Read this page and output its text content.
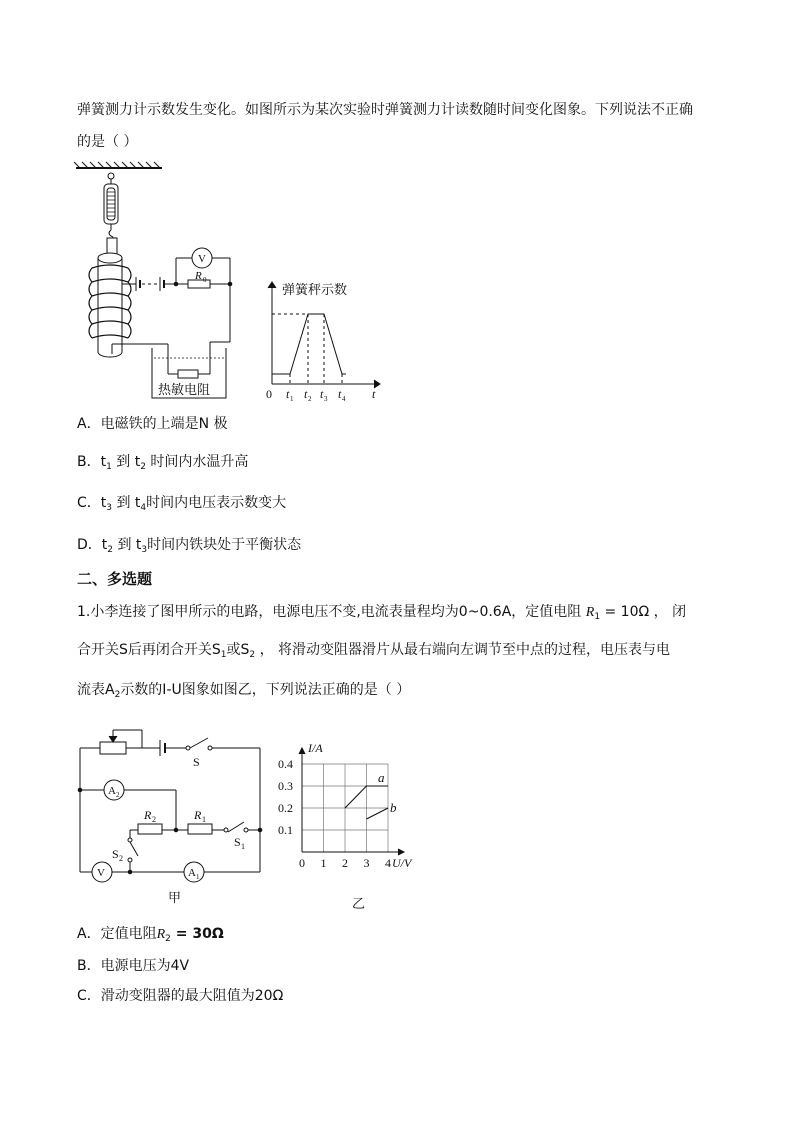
弹簧测力计示数发生变化。如图所示为某次实验时弹簧测力计读数随时间变化图象。下列说法不正确
的是（ ）
R 0
V
热敏电阻
弹簧秤示数
0	t
t 1 t 2 t 3 t 4
A．电磁铁的上端是N 极
B．$t_1$ 到 $t_2$ 时间内水温升高
C．$t_3$ 到 $t_4$时间内电压表示数变大
D．$t_2$ 到 $t_3$时间内铁块处于平衡状态
二、多选题
1.小李连接了图甲所示的电路，电源电压不变,电流表量程均为0~0.6A，定值电阻 $R_1 = 10\Omega$ ， 闭
合开关S后再闭合开关$S_1$或$S_2$ ， 将滑动变阻器滑片从最右端向左调节至中点的过程，电压表与电
流表$A_2$示数的I-U图象如图乙，下列说法正确的是（ ）
S
A 2
R 2	R 1
S 1
S 2
V	A 1
甲
a
b
0 1 2 3 4
0.1
0.2
0.3
0.4
I/A
U/V
乙
A．定值电阻$R_2 = 30\Omega$
B．电源电压为4V
C．滑动变阻器的最大阻值为20Ω
